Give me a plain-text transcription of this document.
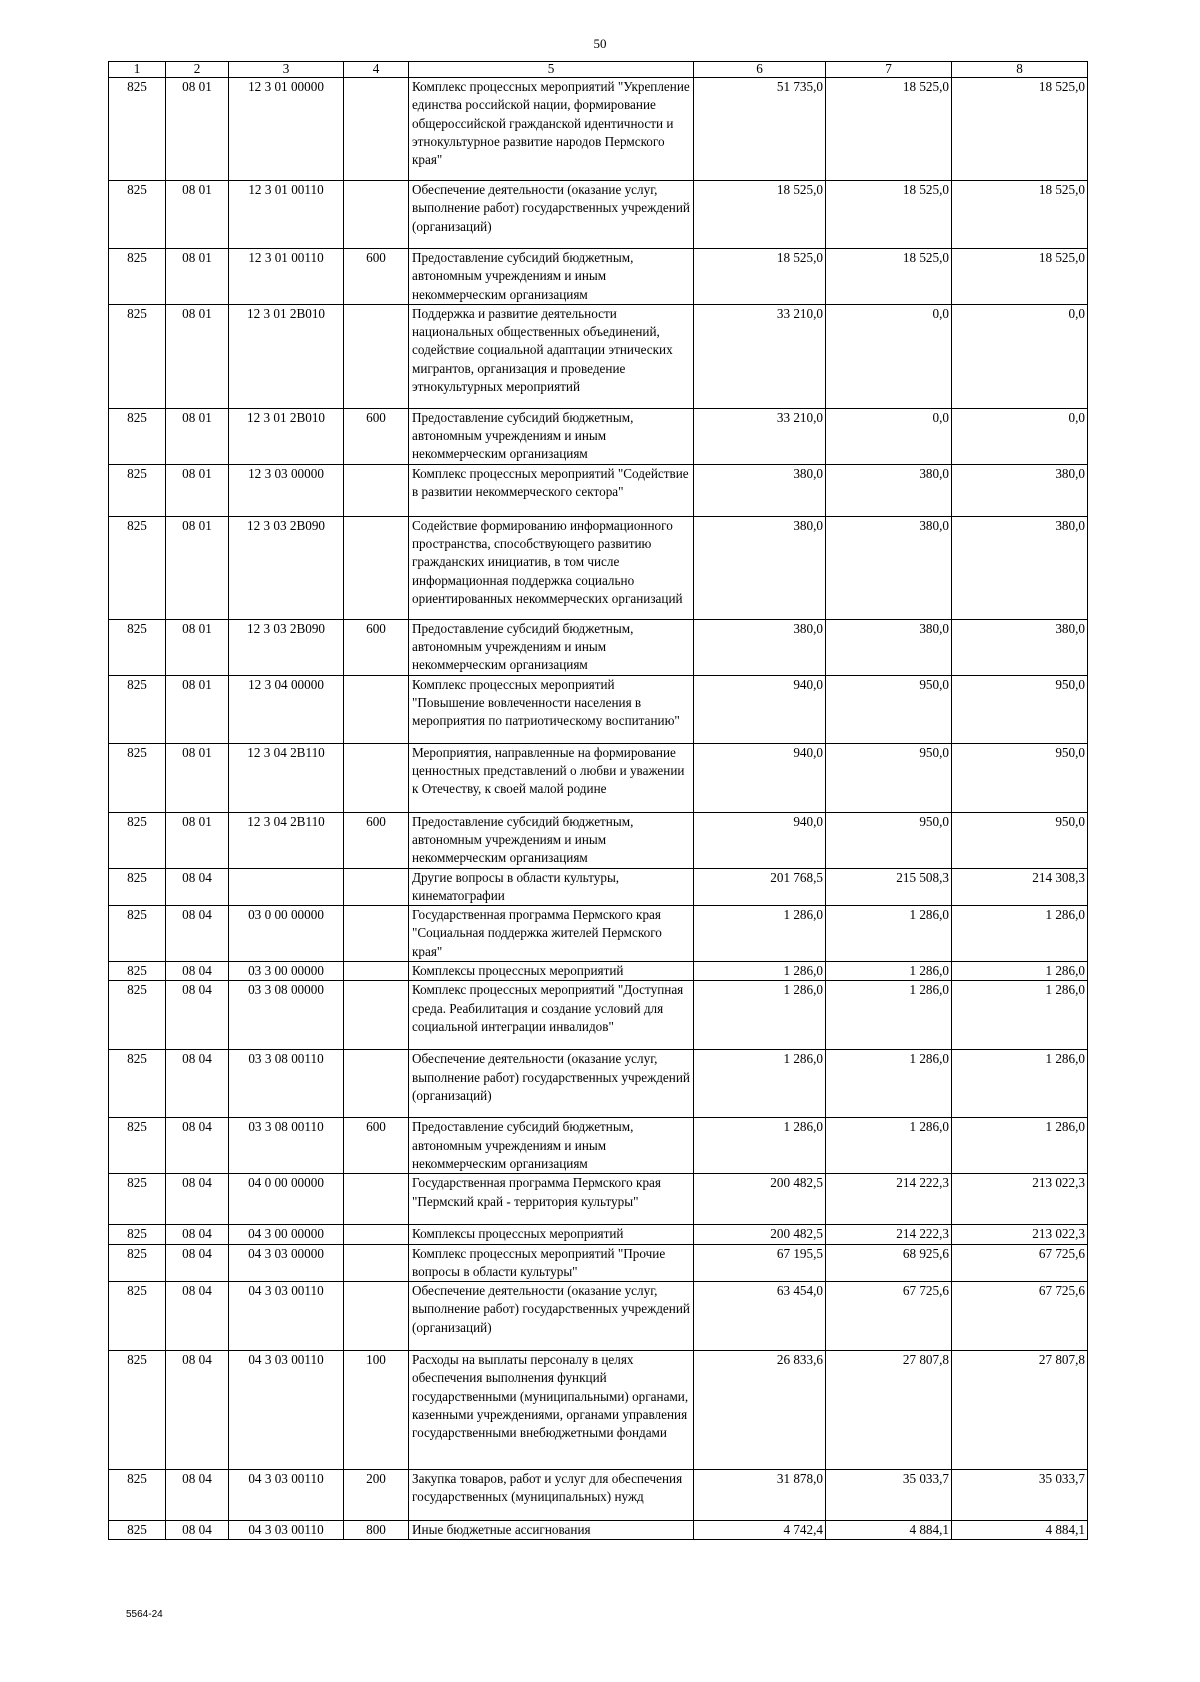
50
1	2	3	4	5	6	7	8
825	08 01	12 3 01 00000		Комплекс процессных мероприятий "Укрепление единства российской нации, формирование общероссийской гражданской идентичности и этнокультурное развитие народов Пермского края"	51 735,0	18 525,0	18 525,0
825	08 01	12 3 01 00110		Обеспечение деятельности (оказание услуг, выполнение работ) государственных учреждений (организаций)	18 525,0	18 525,0	18 525,0
825	08 01	12 3 01 00110	600	Предоставление субсидий бюджетным, автономным учреждениям и иным некоммерческим организациям	18 525,0	18 525,0	18 525,0
825	08 01	12 3 01 2В010		Поддержка и развитие деятельности национальных общественных объединений, содействие социальной адаптации этнических мигрантов, организация и проведение этнокультурных мероприятий	33 210,0	0,0	0,0
825	08 01	12 3 01 2В010	600	Предоставление субсидий бюджетным, автономным учреждениям и иным некоммерческим организациям	33 210,0	0,0	0,0
825	08 01	12 3 03 00000		Комплекс процессных мероприятий "Содействие в развитии некоммерческого сектора"	380,0	380,0	380,0
825	08 01	12 3 03 2В090		Содействие формированию информационного пространства, способствующего развитию гражданских инициатив, в том числе информационная поддержка социально ориентированных некоммерческих организаций	380,0	380,0	380,0
825	08 01	12 3 03 2В090	600	Предоставление субсидий бюджетным, автономным учреждениям и иным некоммерческим организациям	380,0	380,0	380,0
825	08 01	12 3 04 00000		Комплекс процессных мероприятий "Повышение вовлеченности населения в мероприятия по патриотическому воспитанию"	940,0	950,0	950,0
825	08 01	12 3 04 2В110		Мероприятия, направленные на формирование ценностных представлений о любви и уважении к Отечеству, к своей малой родине	940,0	950,0	950,0
825	08 01	12 3 04 2В110	600	Предоставление субсидий бюджетным, автономным учреждениям и иным некоммерческим организациям	940,0	950,0	950,0
825	08 04			Другие вопросы в области культуры, кинематографии	201 768,5	215 508,3	214 308,3
825	08 04	03 0 00 00000		Государственная программа Пермского края "Социальная поддержка жителей Пермского края"	1 286,0	1 286,0	1 286,0
825	08 04	03 3 00 00000		Комплексы процессных мероприятий	1 286,0	1 286,0	1 286,0
825	08 04	03 3 08 00000		Комплекс процессных мероприятий "Доступная среда. Реабилитация и создание условий для социальной интеграции инвалидов"	1 286,0	1 286,0	1 286,0
825	08 04	03 3 08 00110		Обеспечение деятельности (оказание услуг, выполнение работ) государственных учреждений (организаций)	1 286,0	1 286,0	1 286,0
825	08 04	03 3 08 00110	600	Предоставление субсидий бюджетным, автономным учреждениям и иным некоммерческим организациям	1 286,0	1 286,0	1 286,0
825	08 04	04 0 00 00000		Государственная программа Пермского края "Пермский край - территория культуры"	200 482,5	214 222,3	213 022,3
825	08 04	04 3 00 00000		Комплексы процессных мероприятий	200 482,5	214 222,3	213 022,3
825	08 04	04 3 03 00000		Комплекс процессных мероприятий "Прочие вопросы в области культуры"	67 195,5	68 925,6	67 725,6
825	08 04	04 3 03 00110		Обеспечение деятельности (оказание услуг, выполнение работ) государственных учреждений (организаций)	63 454,0	67 725,6	67 725,6
825	08 04	04 3 03 00110	100	Расходы на выплаты персоналу в целях обеспечения выполнения функций государственными (муниципальными) органами, казенными учреждениями, органами управления государственными внебюджетными фондами	26 833,6	27 807,8	27 807,8
825	08 04	04 3 03 00110	200	Закупка товаров, работ и услуг для обеспечения государственных (муниципальных) нужд	31 878,0	35 033,7	35 033,7
825	08 04	04 3 03 00110	800	Иные бюджетные ассигнования	4 742,4	4 884,1	4 884,1
5564-24
